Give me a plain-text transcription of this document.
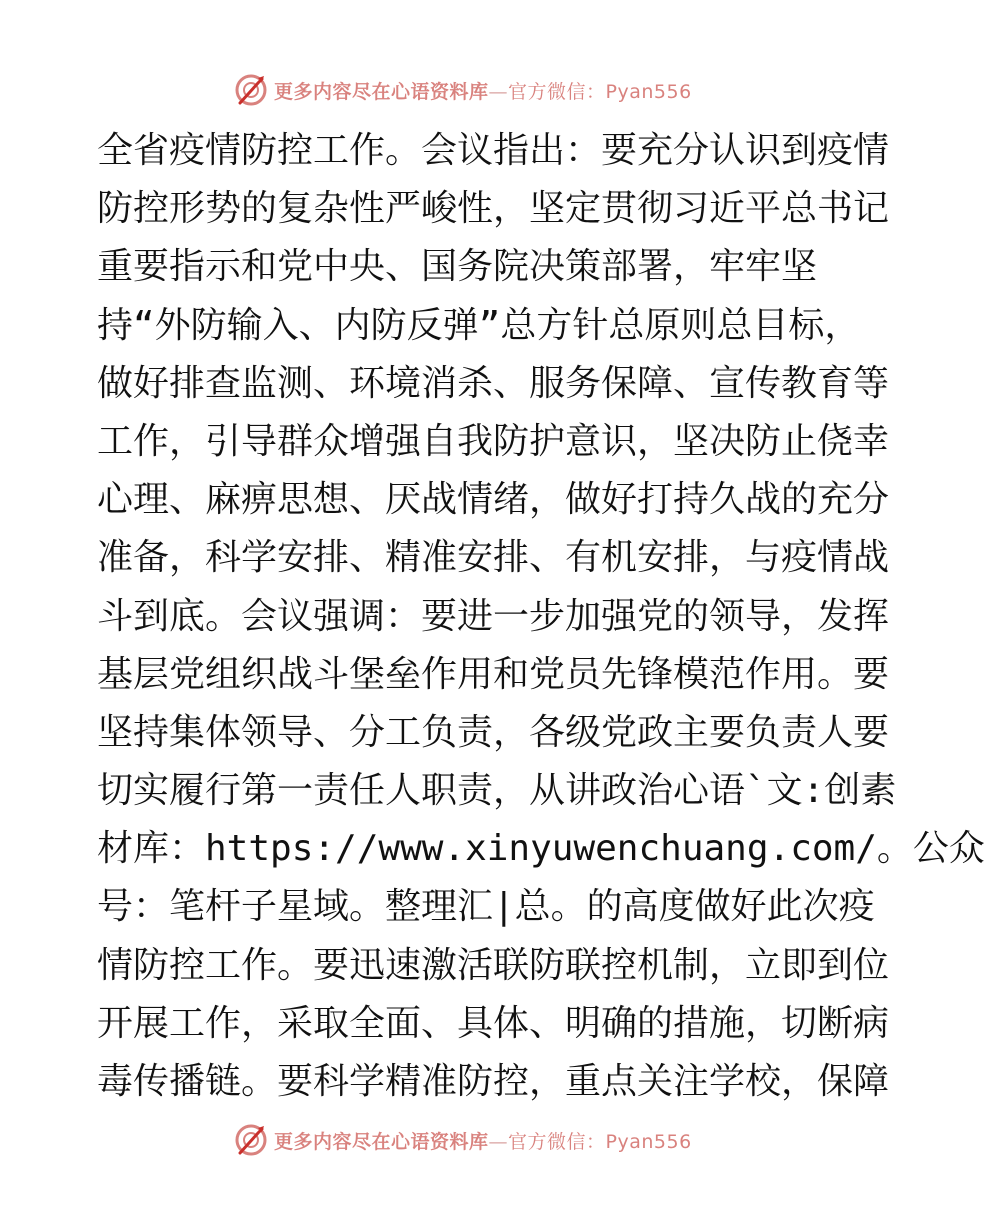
更多内容尽在心语资料库—官方微信：Pyan556
全省疫情防控工作。会议指出：要充分认识到疫情
防控形势的复杂性严峻性，坚定贯彻习近平总书记
重要指示和党中央、国务院决策部署，牢牢坚
持“外防输入、内防反弹”总方针总原则总目标，
做好排查监测、环境消杀、服务保障、宣传教育等
工作，引导群众增强自我防护意识，坚决防止侥幸
心理、麻痹思想、厌战情绪，做好打持久战的充分
准备，科学安排、精准安排、有机安排，与疫情战
斗到底。会议强调：要进一步加强党的领导，发挥
基层党组织战斗堡垒作用和党员先锋模范作用。要
坚持集体领导、分工负责，各级党政主要负责人要
切实履行第一责任人职责，从讲政治心语`文:创素
材库：https://www.xinyuwenchuang.com/。公众
号：笔杆子星域。整理汇|总。的高度做好此次疫
情防控工作。要迅速激活联防联控机制，立即到位
开展工作，采取全面、具体、明确的措施，切断病
毒传播链。要科学精准防控，重点关注学校，保障
更多内容尽在心语资料库—官方微信：Pyan556
